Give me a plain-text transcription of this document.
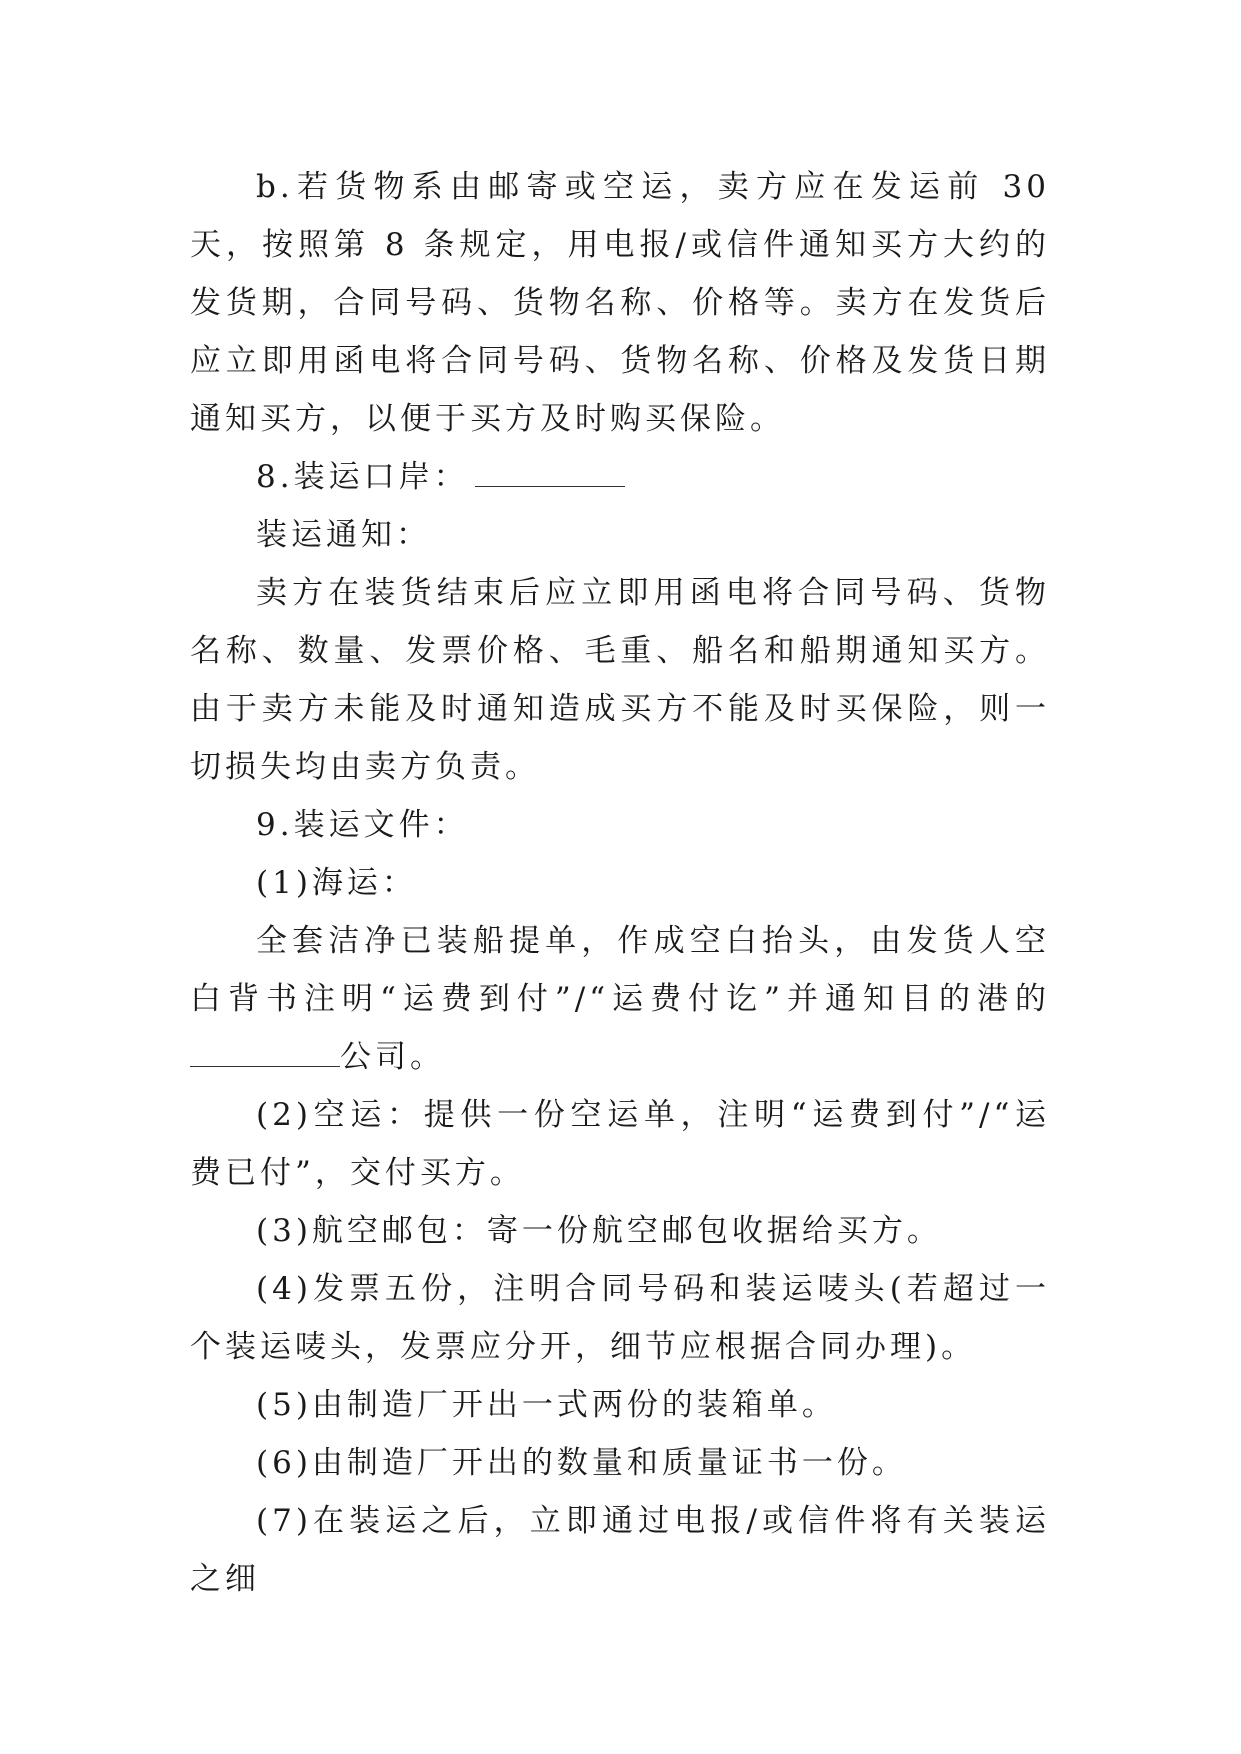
b.若货物系由邮寄或空运，卖方应在发运前 30 天，按照第 8 条规定，用电报/或信件通知买方大约的发货期，合同号码、货物名称、价格等。卖方在发货后应立即用函电将合同号码、货物名称、价格及发货日期通知买方，以便于买方及时购买保险。

8.装运口岸：

装运通知：

卖方在装货结束后应立即用函电将合同号码、货物名称、数量、发票价格、毛重、船名和船期通知买方。由于卖方未能及时通知造成买方不能及时买保险，则一切损失均由卖方负责。

9.装运文件：

(1)海运：

全套洁净已装船提单，作成空白抬头，由发货人空白背书注明“运费到付”/“运费付讫”并通知目的港的公司。

(2)空运：提供一份空运单，注明“运费到付”/“运费已付”，交付买方。

(3)航空邮包：寄一份航空邮包收据给买方。

(4)发票五份，注明合同号码和装运唛头(若超过一个装运唛头，发票应分开，细节应根据合同办理)。

(5)由制造厂开出一式两份的装箱单。

(6)由制造厂开出的数量和质量证书一份。

(7)在装运之后，立即通过电报/或信件将有关装运之细
